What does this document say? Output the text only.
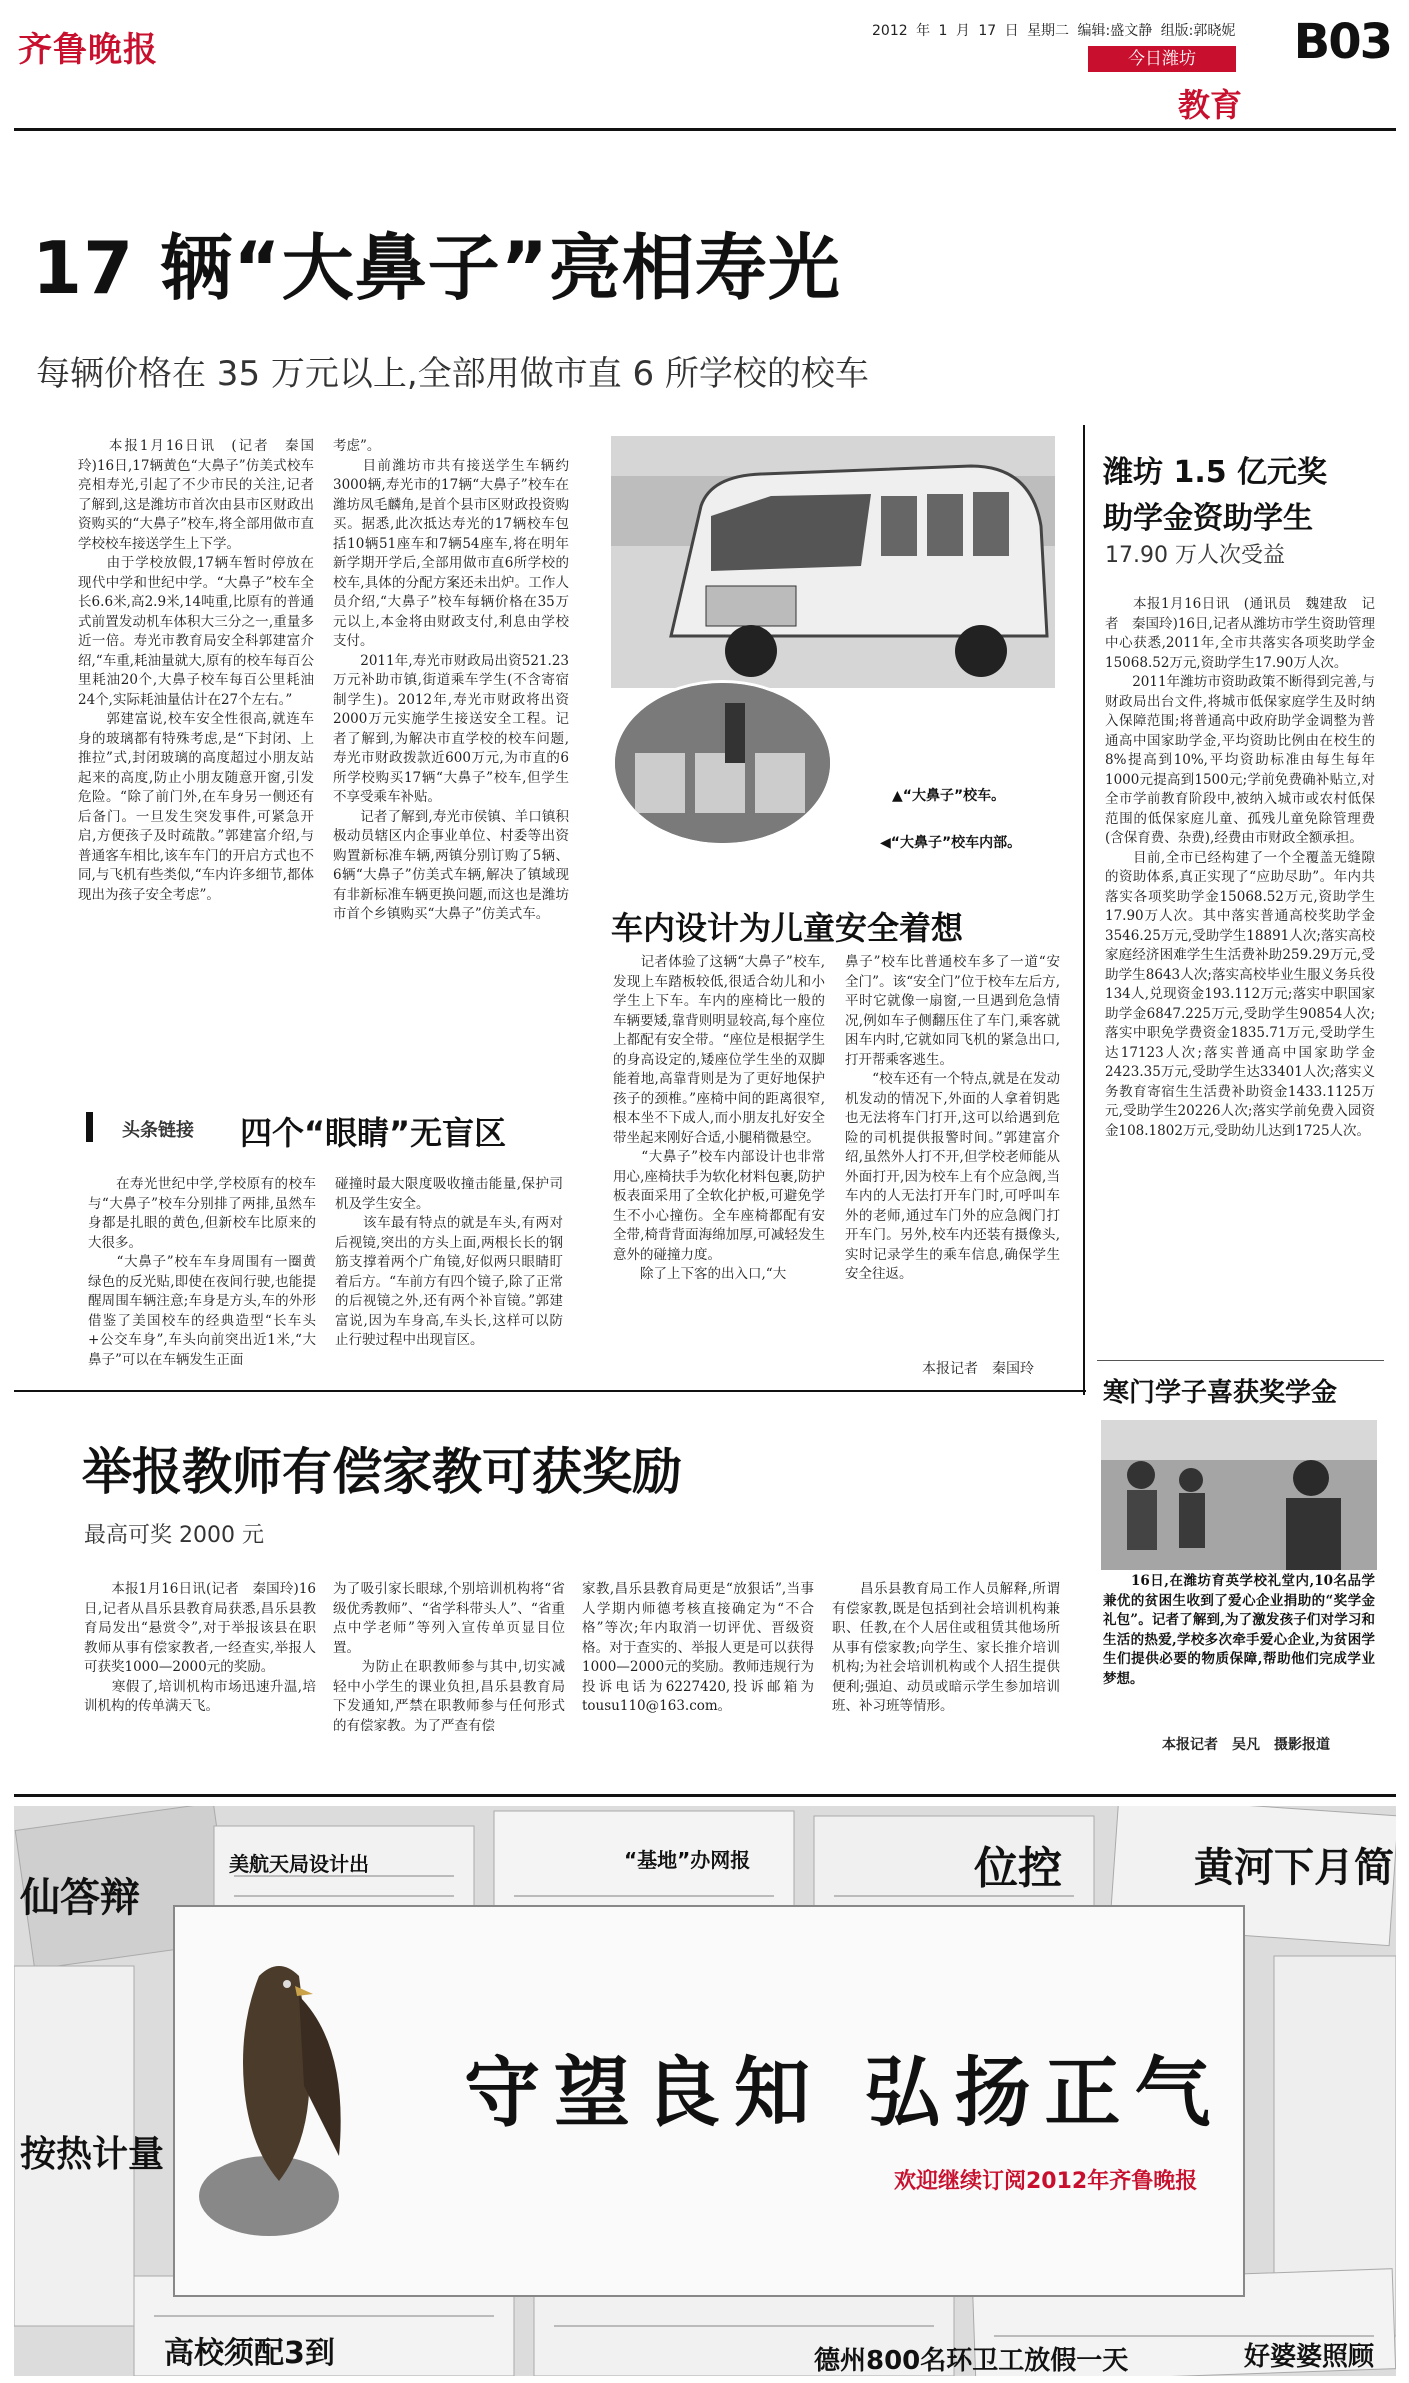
齐鲁晚报	2012 年 1 月 17 日 星期二 编辑:盛文静 组版:郭晓妮 B03
今日潍坊
教育
17 辆“大鼻子”亮相寿光
每辆价格在 35 万元以上,全部用做市直 6 所学校的校车
　　本报1月16日讯　(记者　秦国玲)16日,17辆黄色“大鼻子”仿美式校车亮相寿光,引起了不少市民的关注,记者了解到,这是潍坊市首次由县市区财政出资购买的“大鼻子”校车,将全部用做市直学校校车接送学生上下学。
　　由于学校放假,17辆车暂时停放在现代中学和世纪中学。“大鼻子”校车全长6.6米,高2.9米,14吨重,比原有的普通式前置发动机车体积大三分之一,重量多近一倍。寿光市教育局安全科郭建富介绍,“车重,耗油量就大,原有的校车每百公里耗油20个,大鼻子校车每百公里耗油24个,实际耗油量估计在27个左右。”
　　郭建富说,校车安全性很高,就连车身的玻璃都有特殊考虑,是“下封闭、上推拉”式,封闭玻璃的高度超过小朋友站起来的高度,防止小朋友随意开窗,引发危险。“除了前门外,在车身另一侧还有后备门。一旦发生突发事件,可紧急开启,方便孩子及时疏散。”郭建富介绍,与普通客车相比,该车车门的开启方式也不同,与飞机有些类似,“车内许多细节,都体现出为孩子安全考虑”。
考虑”。
　　目前潍坊市共有接送学生车辆约3000辆,寿光市的17辆“大鼻子”校车在潍坊凤毛麟角,是首个县市区财政投资购买。据悉,此次抵达寿光的17辆校车包括10辆51座车和7辆54座车,将在明年新学期开学后,全部用做市直6所学校的校车,具体的分配方案还未出炉。工作人员介绍,“大鼻子”校车每辆价格在35万元以上,本金将由财政支付,利息由学校支付。
　　2011年,寿光市财政局出资521.23万元补助市镇,街道乘车学生(不含寄宿制学生)。2012年,寿光市财政将出资2000万元实施学生接送安全工程。记者了解到,为解决市直学校的校车问题,寿光市财政拨款近600万元,为市直的6所学校购买17辆“大鼻子”校车,但学生不享受乘车补贴。
　　记者了解到,寿光市侯镇、羊口镇积极动员辖区内企事业单位、村委等出资购置新标准车辆,两镇分别订购了5辆、6辆“大鼻子”仿美式车辆,解决了镇域现有非新标准车辆更换问题,而这也是潍坊市首个乡镇购买“大鼻子”仿美式车。
▲“大鼻子”校车。
◀“大鼻子”校车内部。
头条链接 四个“眼睛”无盲区
　　在寿光世纪中学,学校原有的校车与“大鼻子”校车分别排了两排,虽然车身都是扎眼的黄色,但新校车比原来的大很多。
　　“大鼻子”校车车身周围有一圈黄绿色的反光贴,即使在夜间行驶,也能提醒周围车辆注意;车身是方头,车的外形借鉴了美国校车的经典造型“长车头+公交车身”,车头向前突出近1米,“大鼻子”可以在车辆发生正面
碰撞时最大限度吸收撞击能量,保护司机及学生安全。
　　该车最有特点的就是车头,有两对后视镜,突出的方头上面,两根长长的钢筋支撑着两个广角镜,好似两只眼睛盯着后方。“车前方有四个镜子,除了正常的后视镜之外,还有两个补盲镜。”郭建富说,因为车身高,车头长,这样可以防止行驶过程中出现盲区。
车内设计为儿童安全着想
　　记者体验了这辆“大鼻子”校车,发现上车踏板较低,很适合幼儿和小学生上下车。车内的座椅比一般的车辆要矮,靠背则明显较高,每个座位上都配有安全带。“座位是根据学生的身高设定的,矮座位学生坐的双脚能着地,高靠背则是为了更好地保护孩子的颈椎。”座椅中间的距离很窄,根本坐不下成人,而小朋友扎好安全带坐起来刚好合适,小腿稍微悬空。
　　“大鼻子”校车内部设计也非常用心,座椅扶手为软化材料包裹,防护板表面采用了全软化护板,可避免学生不小心撞伤。全车座椅都配有安全带,椅背背面海绵加厚,可减轻发生意外的碰撞力度。
　　除了上下客的出入口,“大
鼻子”校车比普通校车多了一道“安全门”。该“安全门”位于校车左后方,平时它就像一扇窗,一旦遇到危急情况,例如车子侧翻压住了车门,乘客就困车内时,它就如同飞机的紧急出口,打开帮乘客逃生。
　　“校车还有一个特点,就是在发动机发动的情况下,外面的人拿着钥匙也无法将车门打开,这可以给遇到危险的司机提供报警时间。”郭建富介绍,虽然外人打不开,但学校老师能从外面打开,因为校车上有个应急阀,当车内的人无法打开车门时,可呼叫车外的老师,通过车门外的应急阀门打开车门。另外,校车内还装有摄像头,实时记录学生的乘车信息,确保学生安全往返。
本报记者　秦国玲
潍坊 1.5 亿元奖
助学金资助学生
17.90 万人次受益
　　本报1月16日讯　(通讯员　魏建敌　记者　秦国玲)16日,记者从潍坊市学生资助管理中心获悉,2011年,全市共落实各项奖助学金15068.52万元,资助学生17.90万人次。
　　2011年潍坊市资助政策不断得到完善,与财政局出台文件,将城市低保家庭学生及时纳入保障范围;将普通高中政府助学金调整为普通高中国家助学金,平均资助比例由在校生的8%提高到10%,平均资助标准由每生每年1000元提高到1500元;学前免费确补贴立,对全市学前教育阶段中,被纳入城市或农村低保范围的低保家庭儿童、孤残儿童免除管理费(含保育费、杂费),经费由市财政全额承担。
　　目前,全市已经构建了一个全覆盖无缝隙的资助体系,真正实现了“应助尽助”。年内共落实各项奖助学金15068.52万元,资助学生17.90万人次。其中落实普通高校奖助学金3546.25万元,受助学生18891人次;落实高校家庭经济困难学生生活费补助259.29万元,受助学生8643人次;落实高校毕业生服义务兵役134人,兑现资金193.112万元;落实中职国家助学金6847.225万元,受助学生90854人次;落实中职免学费资金1835.71万元,受助学生达17123人次;落实普通高中国家助学金2423.35万元,受助学生达33401人次;落实义务教育寄宿生生活费补助资金1433.1125万元,受助学生20226人次;落实学前免费入园资金108.1802万元,受助幼儿达到1725人次。
寒门学子喜获奖学金
　　16日,在潍坊育英学校礼堂内,10名品学兼优的贫困生收到了爱心企业捐助的“奖学金礼包”。记者了解到,为了激发孩子们对学习和生活的热爱,学校多次牵手爱心企业,为贫困学生们提供必要的物质保障,帮助他们完成学业梦想。
本报记者　吴凡　摄影报道
举报教师有偿家教可获奖励
最高可奖 2000 元
　　本报1月16日讯(记者　秦国玲)16日,记者从昌乐县教育局获悉,昌乐县教育局发出“悬赏令”,对于举报该县在职教师从事有偿家教者,一经查实,举报人可获奖1000—2000元的奖励。
　　寒假了,培训机构市场迅速升温,培训机构的传单满天飞。
为了吸引家长眼球,个别培训机构将“省级优秀教师”、“省学科带头人”、“省重点中学老师”等列入宣传单页显目位置。
　　为防止在职教师参与其中,切实减轻中小学生的课业负担,昌乐县教育局下发通知,严禁在职教师参与任何形式的有偿家教。为了严查有偿
家教,昌乐县教育局更是“放狠话”,当事人学期内师德考核直接确定为“不合格”等次;年内取消一切评优、晋级资格。对于查实的、举报人更是可以获得1000—2000元的奖励。教师违规行为投诉电话为6227420,投诉邮箱为tousu110@163.com。
　　昌乐县教育局工作人员解释,所谓有偿家教,既是包括到社会培训机构兼职、任教,在个人居住或租赁其他场所从事有偿家教;向学生、家长推介培训机构;为社会培训机构或个人招生提供便利;强迫、动员或暗示学生参加培训班、补习班等情形。
守望良知 弘扬正气
欢迎继续订阅2012年齐鲁晚报
美航天局设计出	“基地”办网报
德州800名环卫工放假一天
高校须配3到	好婆婆照顾
黄河下月简
按热计量
仙答辩
位控
